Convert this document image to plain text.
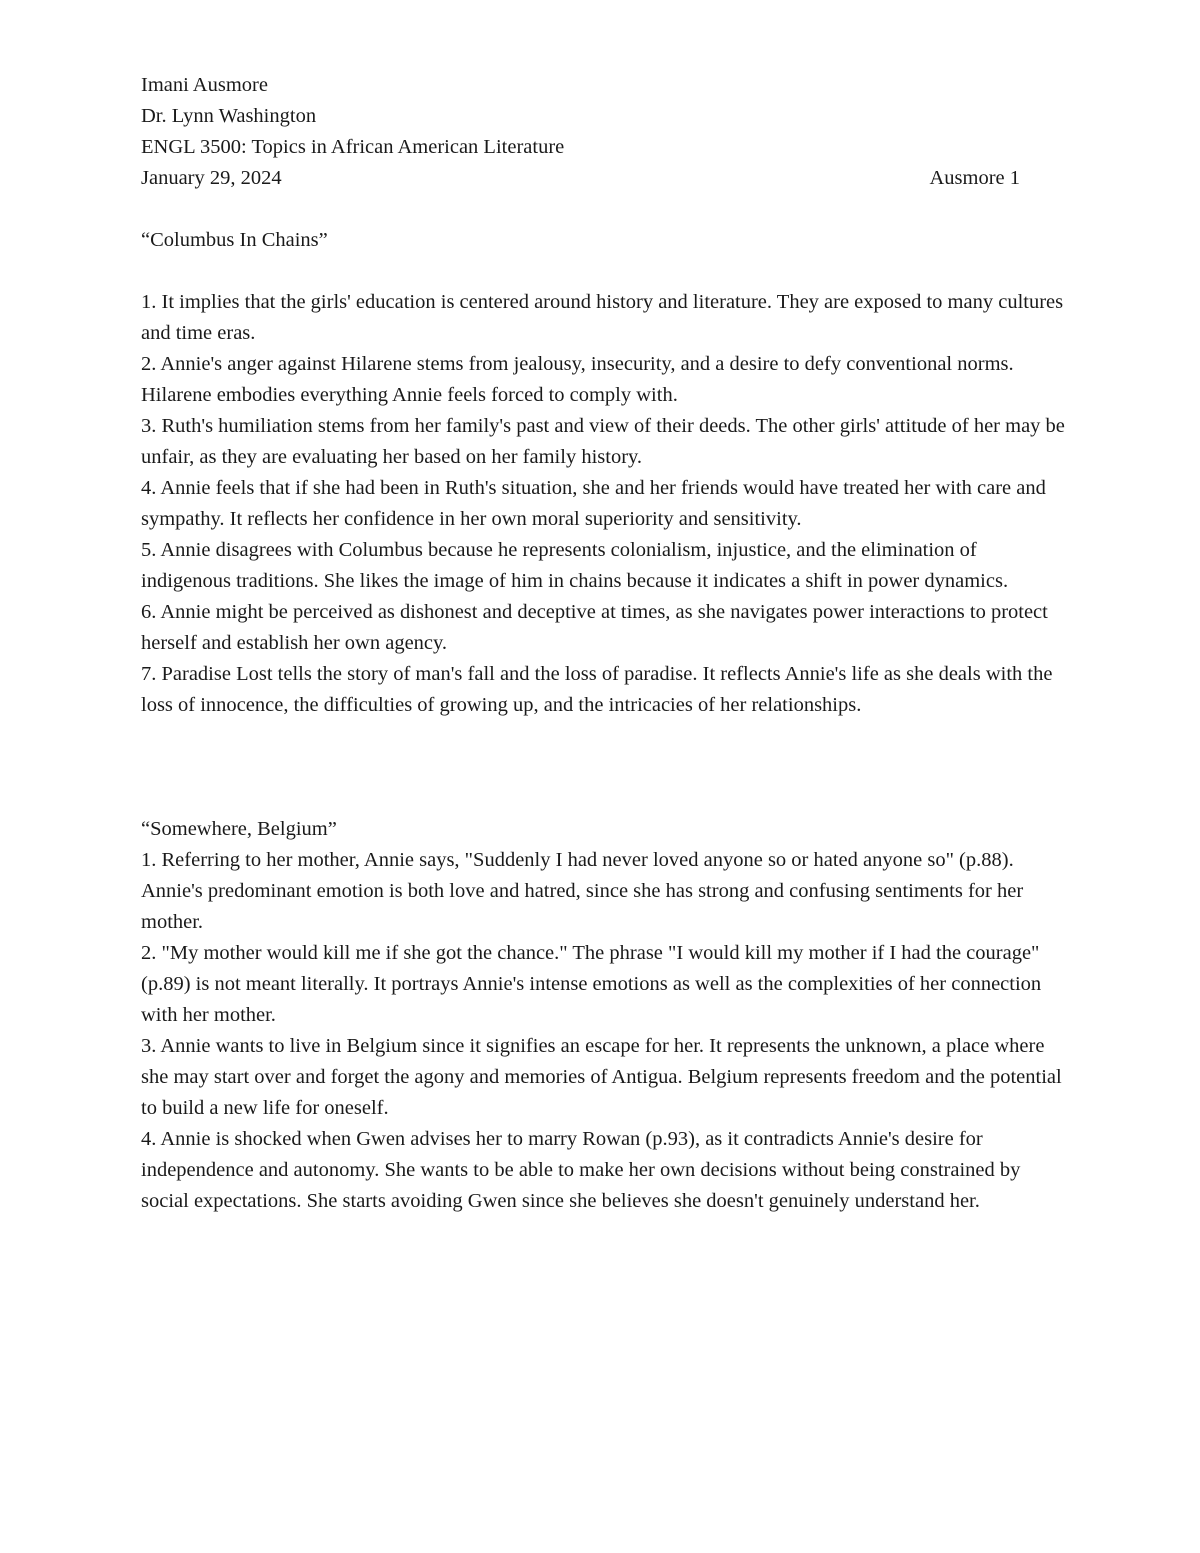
Imani Ausmore
Dr. Lynn Washington
ENGL 3500: Topics in African American Literature
January 29, 2024	Ausmore 1
“Columbus In Chains”

1. It implies that the girls' education is centered around history and literature. They are exposed to many cultures and time eras.

2. Annie's anger against Hilarene stems from jealousy, insecurity, and a desire to defy conventional norms. Hilarene embodies everything Annie feels forced to comply with.

3. Ruth's humiliation stems from her family's past and view of their deeds. The other girls' attitude of her may be unfair, as they are evaluating her based on her family history.

4. Annie feels that if she had been in Ruth's situation, she and her friends would have treated her with care and sympathy. It reflects her confidence in her own moral superiority and sensitivity.

5. Annie disagrees with Columbus because he represents colonialism, injustice, and the elimination of indigenous traditions. She likes the image of him in chains because it indicates a shift in power dynamics.

6. Annie might be perceived as dishonest and deceptive at times, as she navigates power interactions to protect herself and establish her own agency.

7. Paradise Lost tells the story of man's fall and the loss of paradise. It reflects Annie's life as she deals with the loss of innocence, the difficulties of growing up, and the intricacies of her relationships.

“Somewhere, Belgium”

1. Referring to her mother, Annie says, "Suddenly I had never loved anyone so or hated anyone so" (p.88). Annie's predominant emotion is both love and hatred, since she has strong and confusing sentiments for her mother.

2. "My mother would kill me if she got the chance." The phrase "I would kill my mother if I had the courage" (p.89) is not meant literally. It portrays Annie's intense emotions as well as the complexities of her connection with her mother.

3. Annie wants to live in Belgium since it signifies an escape for her. It represents the unknown, a place where she may start over and forget the agony and memories of Antigua. Belgium represents freedom and the potential to build a new life for oneself.

4. Annie is shocked when Gwen advises her to marry Rowan (p.93), as it contradicts Annie's desire for independence and autonomy. She wants to be able to make her own decisions without being constrained by social expectations. She starts avoiding Gwen since she believes she doesn't genuinely understand her.
